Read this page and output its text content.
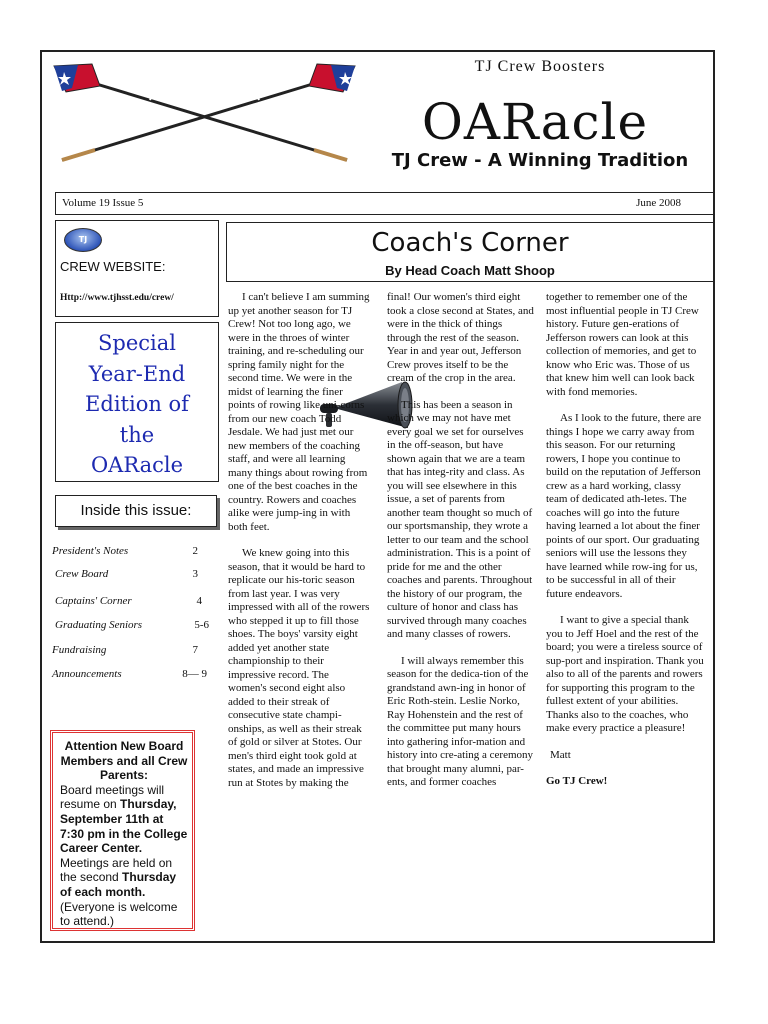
TJ Crew Boosters
OARacle
TJ Crew - A Winning Tradition
Volume 19 Issue 5	June 2008
TJ
CREW WEBSITE:
Http://www.tjhsst.edu/crew/
Special
Year-End
Edition of
the
OARacle
Inside this issue:
President's Notes	2
Crew Board	3
Captains' Corner	4
Graduating Seniors	5-6
Fundraising	7
Announcements	8— 9
Attention New Board Members and all Crew Parents:
Board meetings will resume on Thursday, September 11th at 7:30 pm in the College Career Center. Meetings are held on the second Thursday of each month. (Everyone is welcome to attend.)
Coach's Corner
By Head Coach Matt Shoop

I can't believe I am summing up yet another season for TJ Crew! Not too long ago, we were in the throes of winter training, and re-scheduling our spring family night for the second time. We were in the midst of learning the finer points of rowing like uni-corns from our new coach Todd Jesdale. We had just met our new members of the coaching staff, and were all learning many things about rowing from one of the best coaches in the country. Rowers and coaches alike were jump-ing in with both feet.

We knew going into this season, that it would be hard to replicate our his-toric season from last year. I was very impressed with all of the rowers who stepped it up to fill those shoes. The boys' varsity eight added yet another state championship to their impressive record. The women's second eight also added to their streak of consecutive state champi-onships, as well as their streak of gold or silver at Stotes. Our men's third eight took gold at states, and made an impressive run at Stotes by making the

final! Our women's third eight took a close second at States, and were in the thick of things through the rest of the season. Year in and year out, Jefferson Crew proves itself to be the cream of the crop in the area.

This has been a season in which we may not have met every goal we set for ourselves in the off-season, but have shown again that we are a team that has integ-rity and class. As you will see elsewhere in this issue, a set of parents from another team thought so much of our sportsmanship, they wrote a letter to our team and the school administration. This is a point of pride for me and the other coaches and parents. Throughout the history of our program, the culture of honor and class has survived through many coaches and many classes of rowers.

I will always remember this season for the dedica-tion of the grandstand awn-ing in honor of Eric Roth-stein. Leslie Norko, Ray Hohenstein and the rest of the committee put many hours into gathering infor-mation and history into cre-ating a ceremony that brought many alumni, par-ents, and former coaches

together to remember one of the most influential people in TJ Crew history. Future gen-erations of Jefferson rowers can look at this collection of memories, and get to know who Eric was. Those of us that knew him well can look back with fond memories.

As I look to the future, there are things I hope we carry away from this season. For our returning rowers, I hope you continue to build on the reputation of Jefferson crew as a hard working, classy team of dedicated ath-letes. The coaches will go into the future having learned a lot about the finer points of our sport. Our graduating seniors will use the lessons they have learned while row-ing for us, to be successful in all of their future endeavors.

I want to give a special thank you to Jeff Hoel and the rest of the board; you were a tireless source of sup-port and inspiration. Thank you also to all of the parents and rowers for supporting this program to the fullest extent of your abilities. Thanks also to the coaches, who make every practice a pleasure!

Matt

Go TJ Crew!
